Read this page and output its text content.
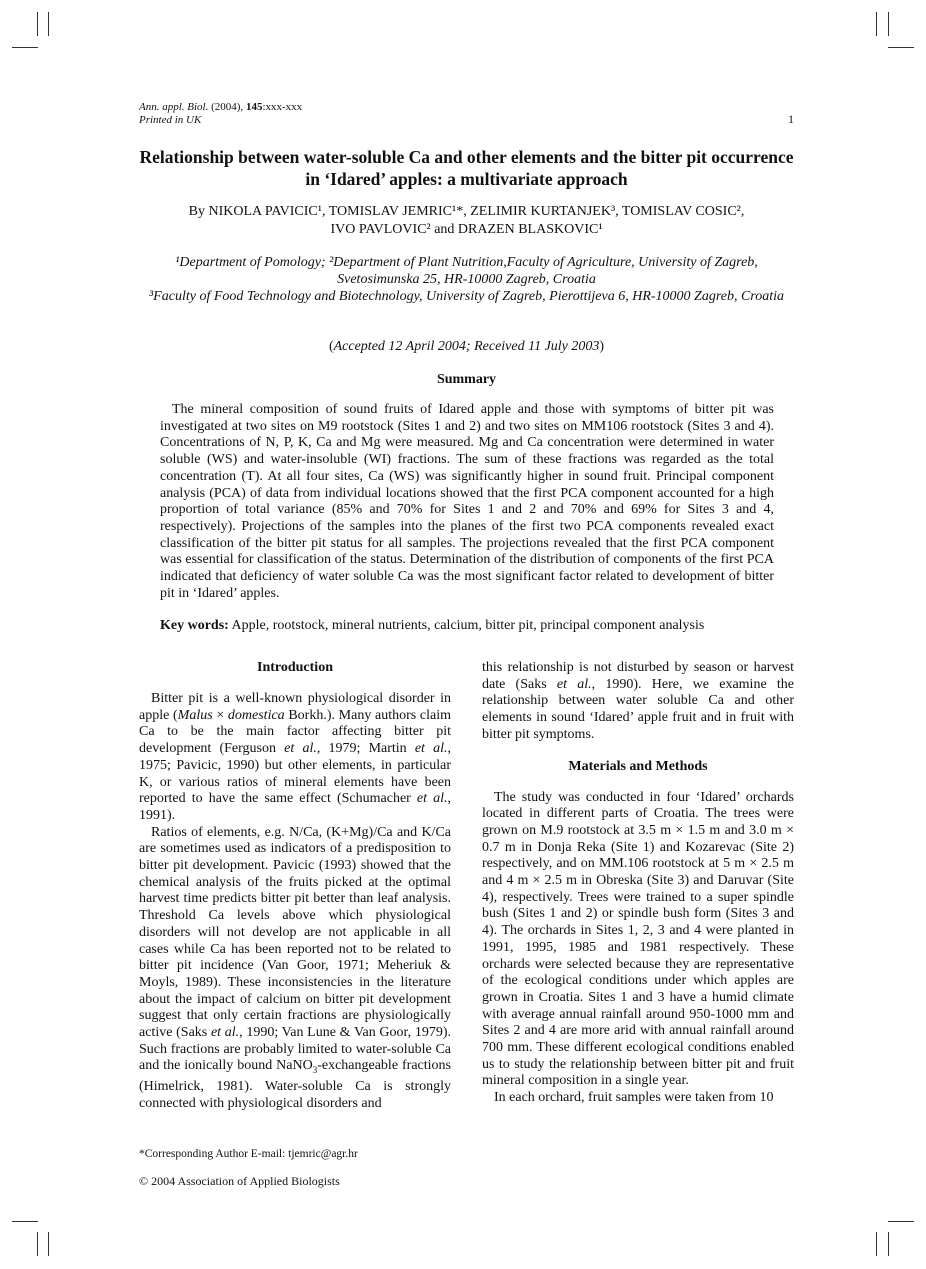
Ann. appl. Biol. (2004), 145:xxx-xxx
Printed in UK	1
Relationship between water-soluble Ca and other elements and the bitter pit occurrence in ‘Idared’ apples: a multivariate approach
By NIKOLA PAVICIC¹, TOMISLAV JEMRIC¹*, ZELIMIR KURTANJEK³, TOMISLAV COSIC²,
IVO PAVLOVIC² and DRAZEN BLASKOVIC¹

¹Department of Pomology; ²Department of Plant Nutrition,Faculty of Agriculture, University of Zagreb, Svetosimunska 25, HR-10000 Zagreb, Croatia

³Faculty of Food Technology and Biotechnology, University of Zagreb, Pierottijeva 6, HR-10000 Zagreb, Croatia

(Accepted 12 April 2004; Received 11 July 2003)
Summary

The mineral composition of sound fruits of Idared apple and those with symptoms of bitter pit was investigated at two sites on M9 rootstock (Sites 1 and 2) and two sites on MM106 rootstock (Sites 3 and 4). Concentrations of N, P, K, Ca and Mg were measured. Mg and Ca concentration were determined in water soluble (WS) and water-insoluble (WI) fractions. The sum of these fractions was regarded as the total concentration (T). At all four sites, Ca (WS) was significantly higher in sound fruit. Principal component analysis (PCA) of data from individual locations showed that the first PCA component accounted for a high proportion of total variance (85% and 70% for Sites 1 and 2 and 70% and 69% for Sites 3 and 4, respectively). Projections of the samples into the planes of the first two PCA components revealed exact classification of the bitter pit status for all samples. The projections revealed that the first PCA component was essential for classification of the status. Determination of the distribution of components of the first PCA indicated that deficiency of water soluble Ca was the most significant factor related to development of bitter pit in ‘Idared’ apples.

Key words: Apple, rootstock, mineral nutrients, calcium, bitter pit, principal component analysis
Introduction

Bitter pit is a well-known physiological disorder in apple (Malus × domestica Borkh.). Many authors claim Ca to be the main factor affecting bitter pit development (Ferguson et al., 1979; Martin et al., 1975; Pavicic, 1990) but other elements, in particular K, or various ratios of mineral elements have been reported to have the same effect (Schumacher et al., 1991).

Ratios of elements, e.g. N/Ca, (K+Mg)/Ca and K/Ca are sometimes used as indicators of a predisposition to bitter pit development. Pavicic (1993) showed that the chemical analysis of the fruits picked at the optimal harvest time predicts bitter pit better than leaf analysis. Threshold Ca levels above which physiological disorders will not develop are not applicable in all cases while Ca has been reported not to be related to bitter pit incidence (Van Goor, 1971; Meheriuk & Moyls, 1989). These inconsistencies in the literature about the impact of calcium on bitter pit development suggest that only certain fractions are physiologically active (Saks et al., 1990; Van Lune & Van Goor, 1979). Such fractions are probably limited to water-soluble Ca and the ionically bound NaNO$_3$-exchangeable fractions (Himelrick, 1981). Water-soluble Ca is strongly connected with physiological disorders and

this relationship is not disturbed by season or harvest date (Saks et al., 1990). Here, we examine the relationship between water soluble Ca and other elements in sound ‘Idared’ apple fruit and in fruit with bitter pit symptoms.

Materials and Methods

The study was conducted in four ‘Idared’ orchards located in different parts of Croatia. The trees were grown on M.9 rootstock at 3.5 m × 1.5 m and 3.0 m × 0.7 m in Donja Reka (Site 1) and Kozarevac (Site 2) respectively, and on MM.106 rootstock at 5 m × 2.5 m and 4 m × 2.5 m in Obreska (Site 3) and Daruvar (Site 4), respectively. Trees were trained to a super spindle bush (Sites 1 and 2) or spindle bush form (Sites 3 and 4). The orchards in Sites 1, 2, 3 and 4 were planted in 1991, 1995, 1985 and 1981 respectively. These orchards were selected because they are representative of the ecological conditions under which apples are grown in Croatia. Sites 1 and 3 have a humid climate with average annual rainfall around 950-1000 mm and Sites 2 and 4 are more arid with annual rainfall around 700 mm. These different ecological conditions enabled us to study the relationship between bitter pit and fruit mineral composition in a single year.

In each orchard, fruit samples were taken from 10

*Corresponding Author E-mail: tjemric@agr.hr
© 2004 Association of Applied Biologists
